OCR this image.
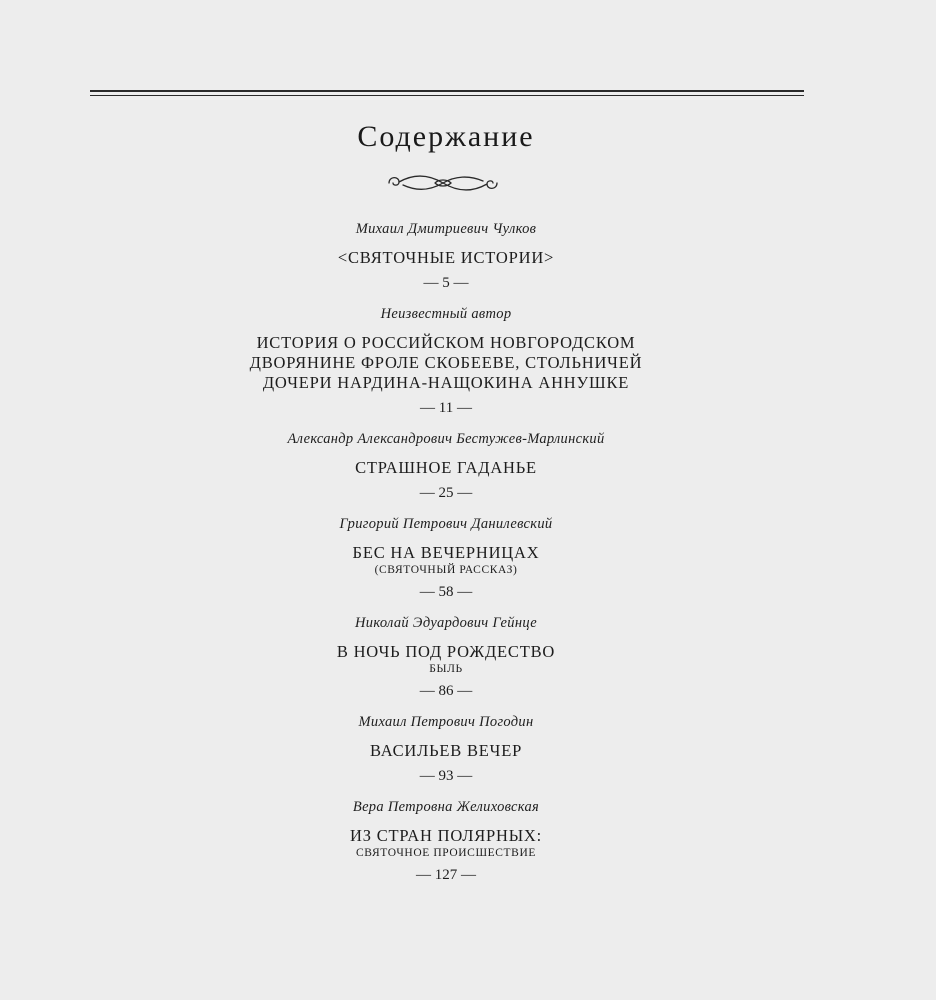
Содержание
Михаил Дмитриевич Чулков
<СВЯТОЧНЫЕ ИСТОРИИ>
— 5 —
Неизвестный автор
ИСТОРИЯ О РОССИЙСКОМ НОВГОРОДСКОМ
ДВОРЯНИНЕ ФРОЛЕ СКОБЕЕВЕ, СТОЛЬНИЧЕЙ
ДОЧЕРИ НАРДИНА-НАЩОКИНА АННУШКЕ
— 11 —
Александр Александрович Бестужев-Марлинский
СТРАШНОЕ ГАДАНЬЕ
— 25 —
Григорий Петрович Данилевский
БЕС НА ВЕЧЕРНИЦАХ
(СВЯТОЧНЫЙ РАССКАЗ)
— 58 —
Николай Эдуардович Гейнце
В НОЧЬ ПОД РОЖДЕСТВО
БЫЛЬ
— 86 —
Михаил Петрович Погодин
ВАСИЛЬЕВ ВЕЧЕР
— 93 —
Вера Петровна Желиховская
ИЗ СТРАН ПОЛЯРНЫХ:
СВЯТОЧНОЕ ПРОИСШЕСТВИЕ
— 127 —
